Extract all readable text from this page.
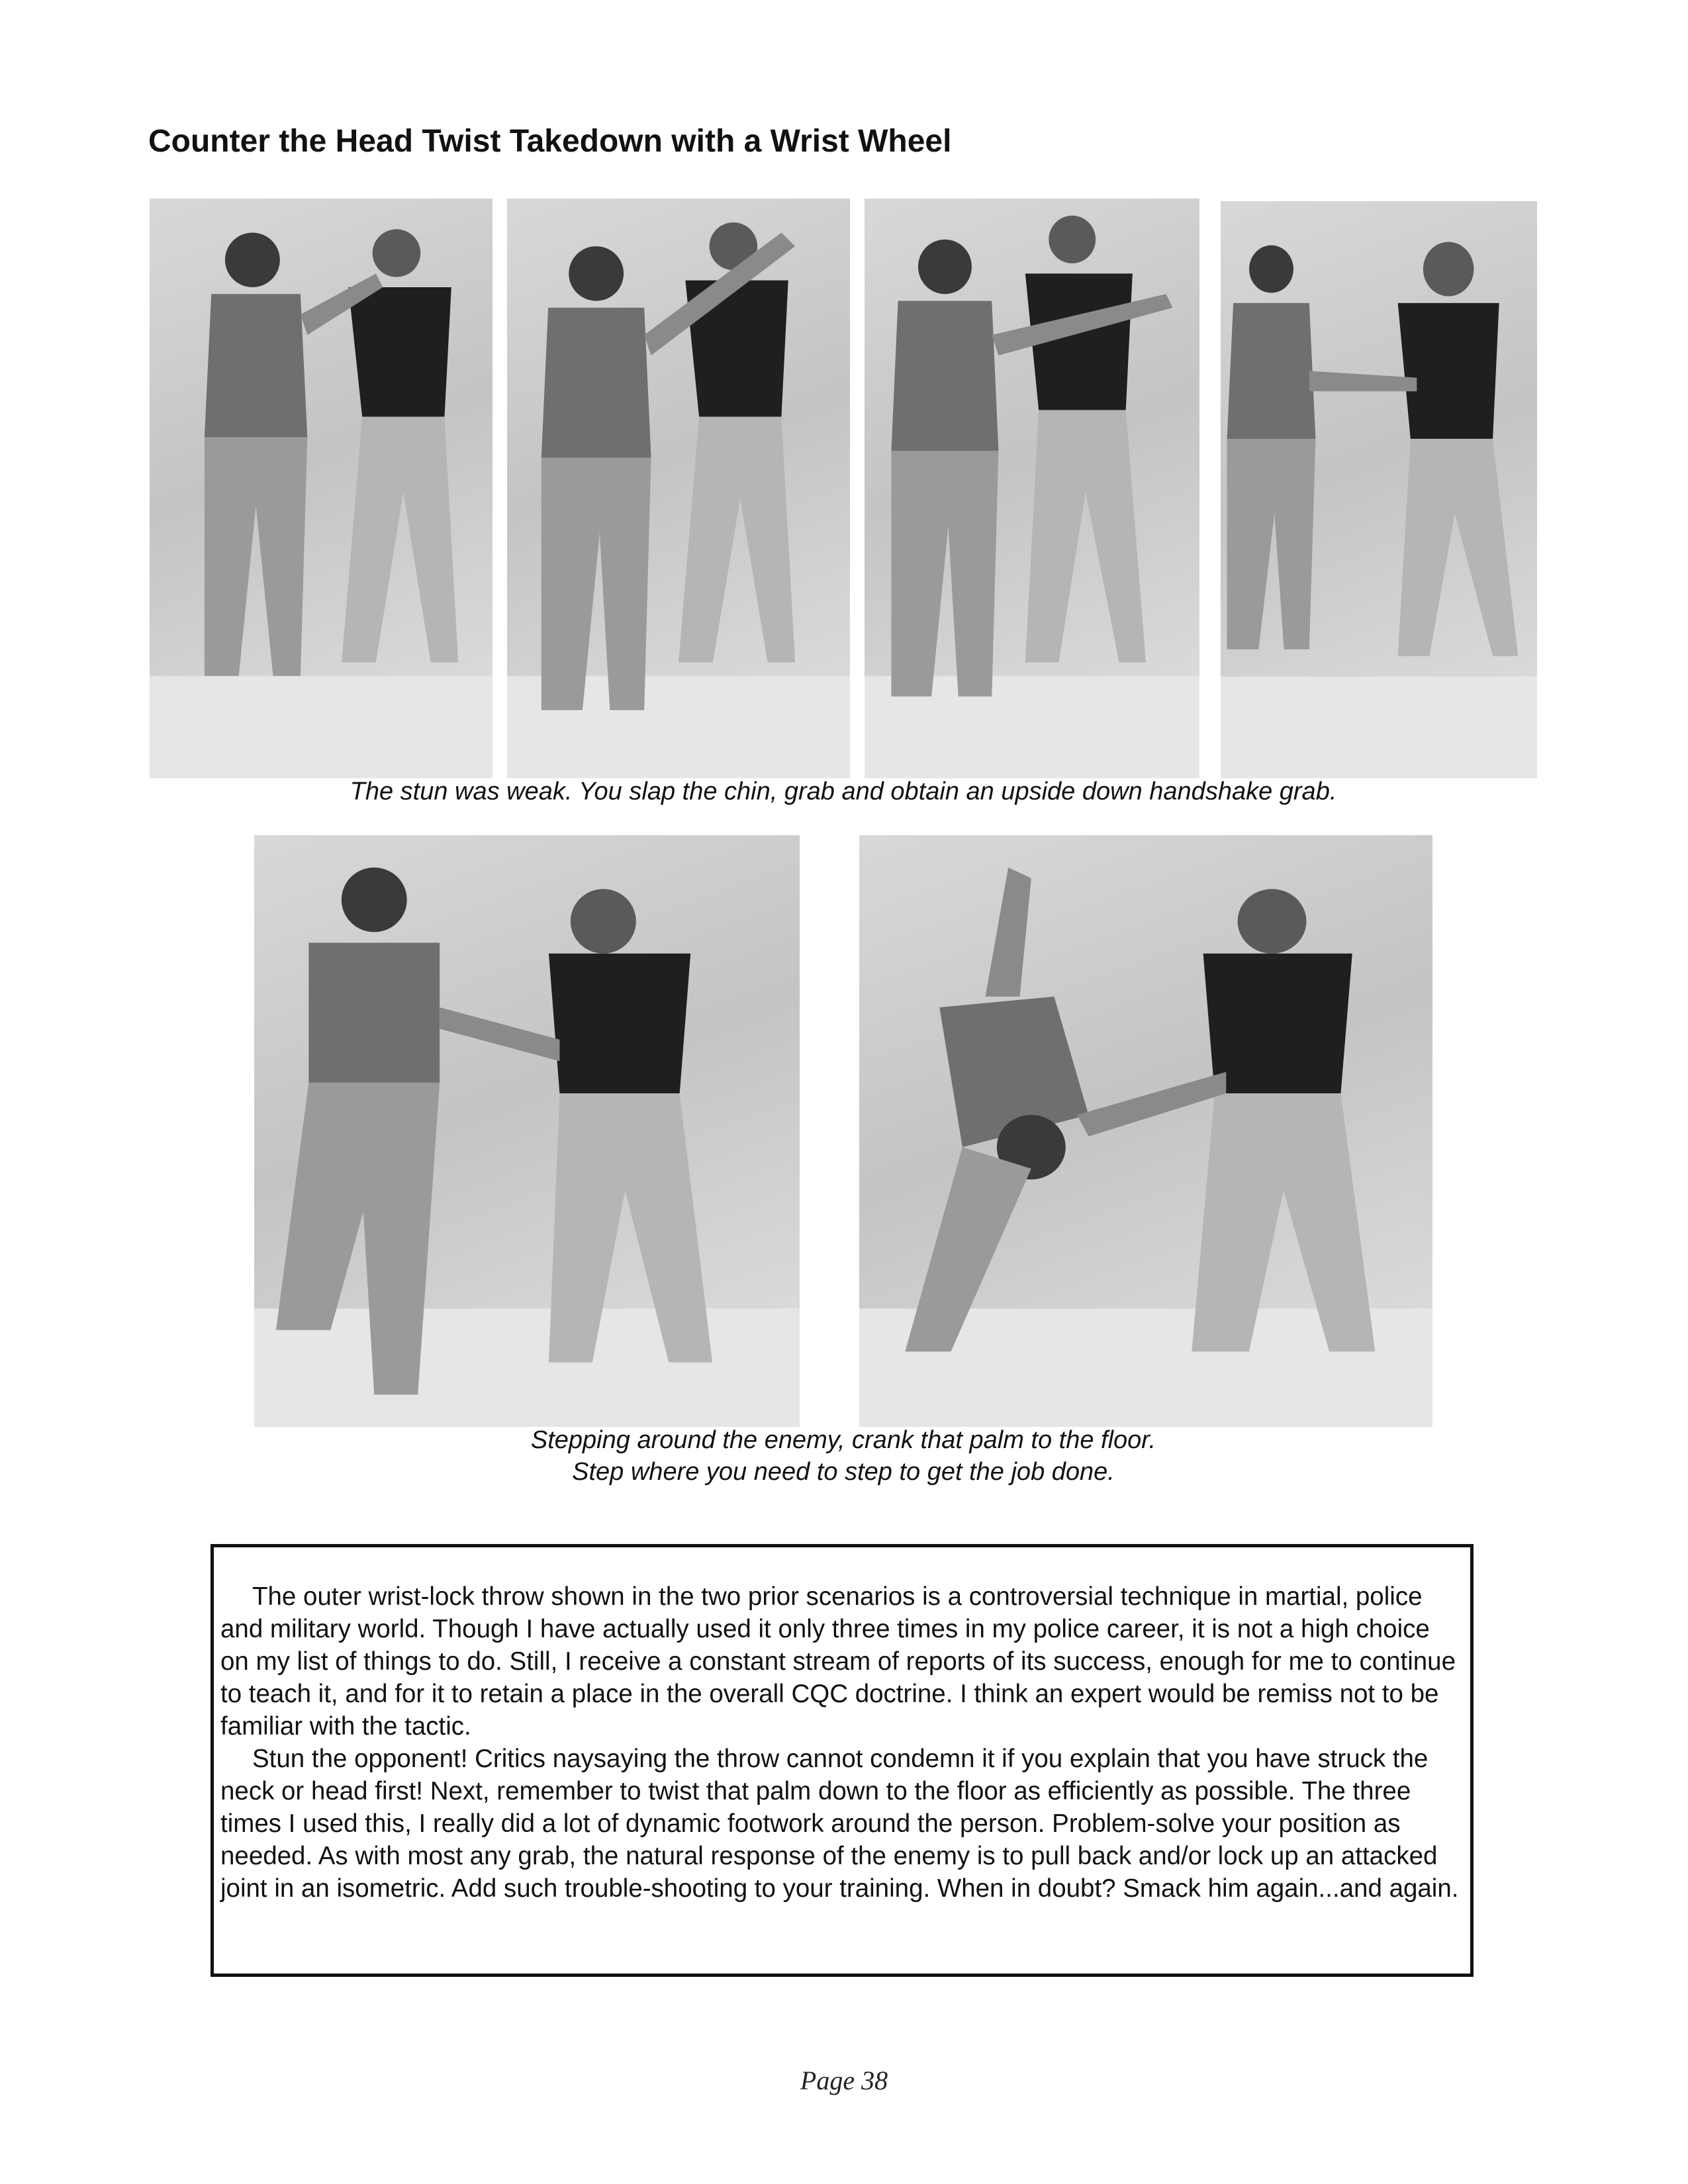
Counter the Head Twist Takedown with a Wrist Wheel

The stun was weak. You slap the chin, grab and obtain an upside down handshake grab.

Stepping around the enemy, crank that palm to the floor.

Step where you need to step to get the job done.

The outer wrist-lock throw shown in the two prior scenarios is a controversial technique in martial, police and military world. Though I have actually used it only three times in my police career, it is not a high choice on my list of things to do. Still, I receive a constant stream of reports of its success, enough for me to continue to teach it, and for it to retain a place in the overall CQC doctrine. I think an expert would be remiss not to be familiar with the tactic.

Stun the opponent! Critics naysaying the throw cannot condemn it if you explain that you have struck the neck or head first! Next, remember to twist that palm down to the floor as efficiently as possible. The three times I used this, I really did a lot of dynamic footwork around the person. Problem-solve your position as needed. As with most any grab, the natural response of the enemy is to pull back and/or lock up an attacked joint in an isometric. Add such trouble-shooting to your training. When in doubt? Smack him again...and again.

Page 38
